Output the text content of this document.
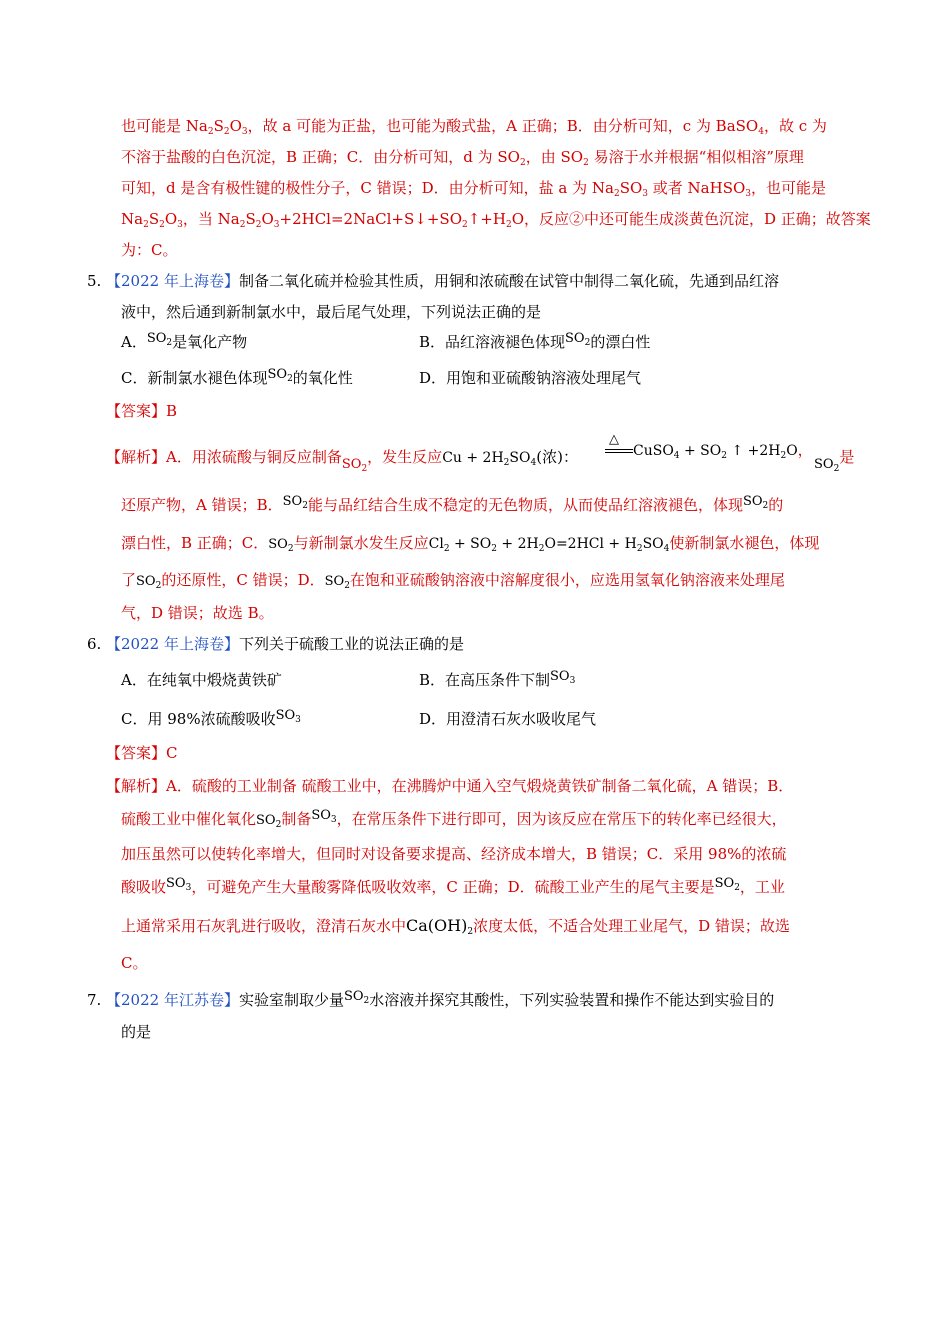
也可能是 $Na_2S_2O_3$，故 a 可能为正盐，也可能为酸式盐，A 正确；B．由分析可知，c 为 BaSO$_4$，故 c 为
不溶于盐酸的白色沉淀，B 正确；C．由分析可知，d 为 $SO_2$，由 $SO_2$ 易溶于水并根据“相似相溶”原理
可知，d 是含有极性键的极性分子，C 错误；D．由分析可知，盐 a 为 $Na_2SO_3$ 或者 NaHSO$_3$，也可能是
$Na_2S_2O_3$，当 $Na_2S_2O_3+2HCl=2NaCl+S↓+SO_2↑+H_2O$，反应②中还可能生成淡黄色沉淀，D 正确；故答案
为：C。
5. 【2022 年上海卷】制备二氧化硫并检验其性质，用铜和浓硫酸在试管中制得二氧化硫，先通到品红溶
液中，然后通到新制氯水中，最后尾气处理，下列说法正确的是
A．$SO_2$是氧化产物	B．品红溶液褪色体现$SO_2$的漂白性
C．新制氯水褪色体现$SO_2$的氧化性	D．用饱和亚硫酸钠溶液处理尾气
【答案】B
【解析】A．用浓硫酸与铜反应制备$SO_2$，发生反应$Cu + 2H_2SO_4$(浓)：
△
CuSO$_4$ + $SO_2$ ↑ $+2H_2O$，
$SO_2$是
还原产物，A 错误；B．$SO_2$能与品红结合生成不稳定的无色物质，从而使品红溶液褪色，体现$SO_2$的
漂白性，B 正确；C．$SO_2$与新制氯水发生反应$Cl_2 + SO_2 + 2H_2O=2HCl + H_2SO_4$使新制氯水褪色，体现
了$SO_2$的还原性，C 错误；D．$SO_2$在饱和亚硫酸钠溶液中溶解度很小，应选用氢氧化钠溶液来处理尾
气，D 错误；故选 B。
6. 【2022 年上海卷】下列关于硫酸工业的说法正确的是
A．在纯氧中煅烧黄铁矿	B．在高压条件下制$SO_3$
C．用 98%浓硫酸吸收$SO_3$	D．用澄清石灰水吸收尾气
【答案】C
【解析】A．硫酸的工业制备 硫酸工业中，在沸腾炉中通入空气煅烧黄铁矿制备二氧化硫，A 错误；B．
硫酸工业中催化氧化$SO_2$制备$SO_3$，在常压条件下进行即可，因为该反应在常压下的转化率已经很大，
加压虽然可以使转化率增大，但同时对设备要求提高、经济成本增大，B 错误；C．采用 98%的浓硫
酸吸收$SO_3$，可避免产生大量酸雾降低吸收效率，C 正确；D．硫酸工业产生的尾气主要是$SO_2$，工业
上通常采用石灰乳进行吸收，澄清石灰水中$Ca(OH)_2$浓度太低，不适合处理工业尾气，D 错误；故选
C。
7. 【2022 年江苏卷】实验室制取少量$SO_2$水溶液并探究其酸性，下列实验装置和操作不能达到实验目的
的是
